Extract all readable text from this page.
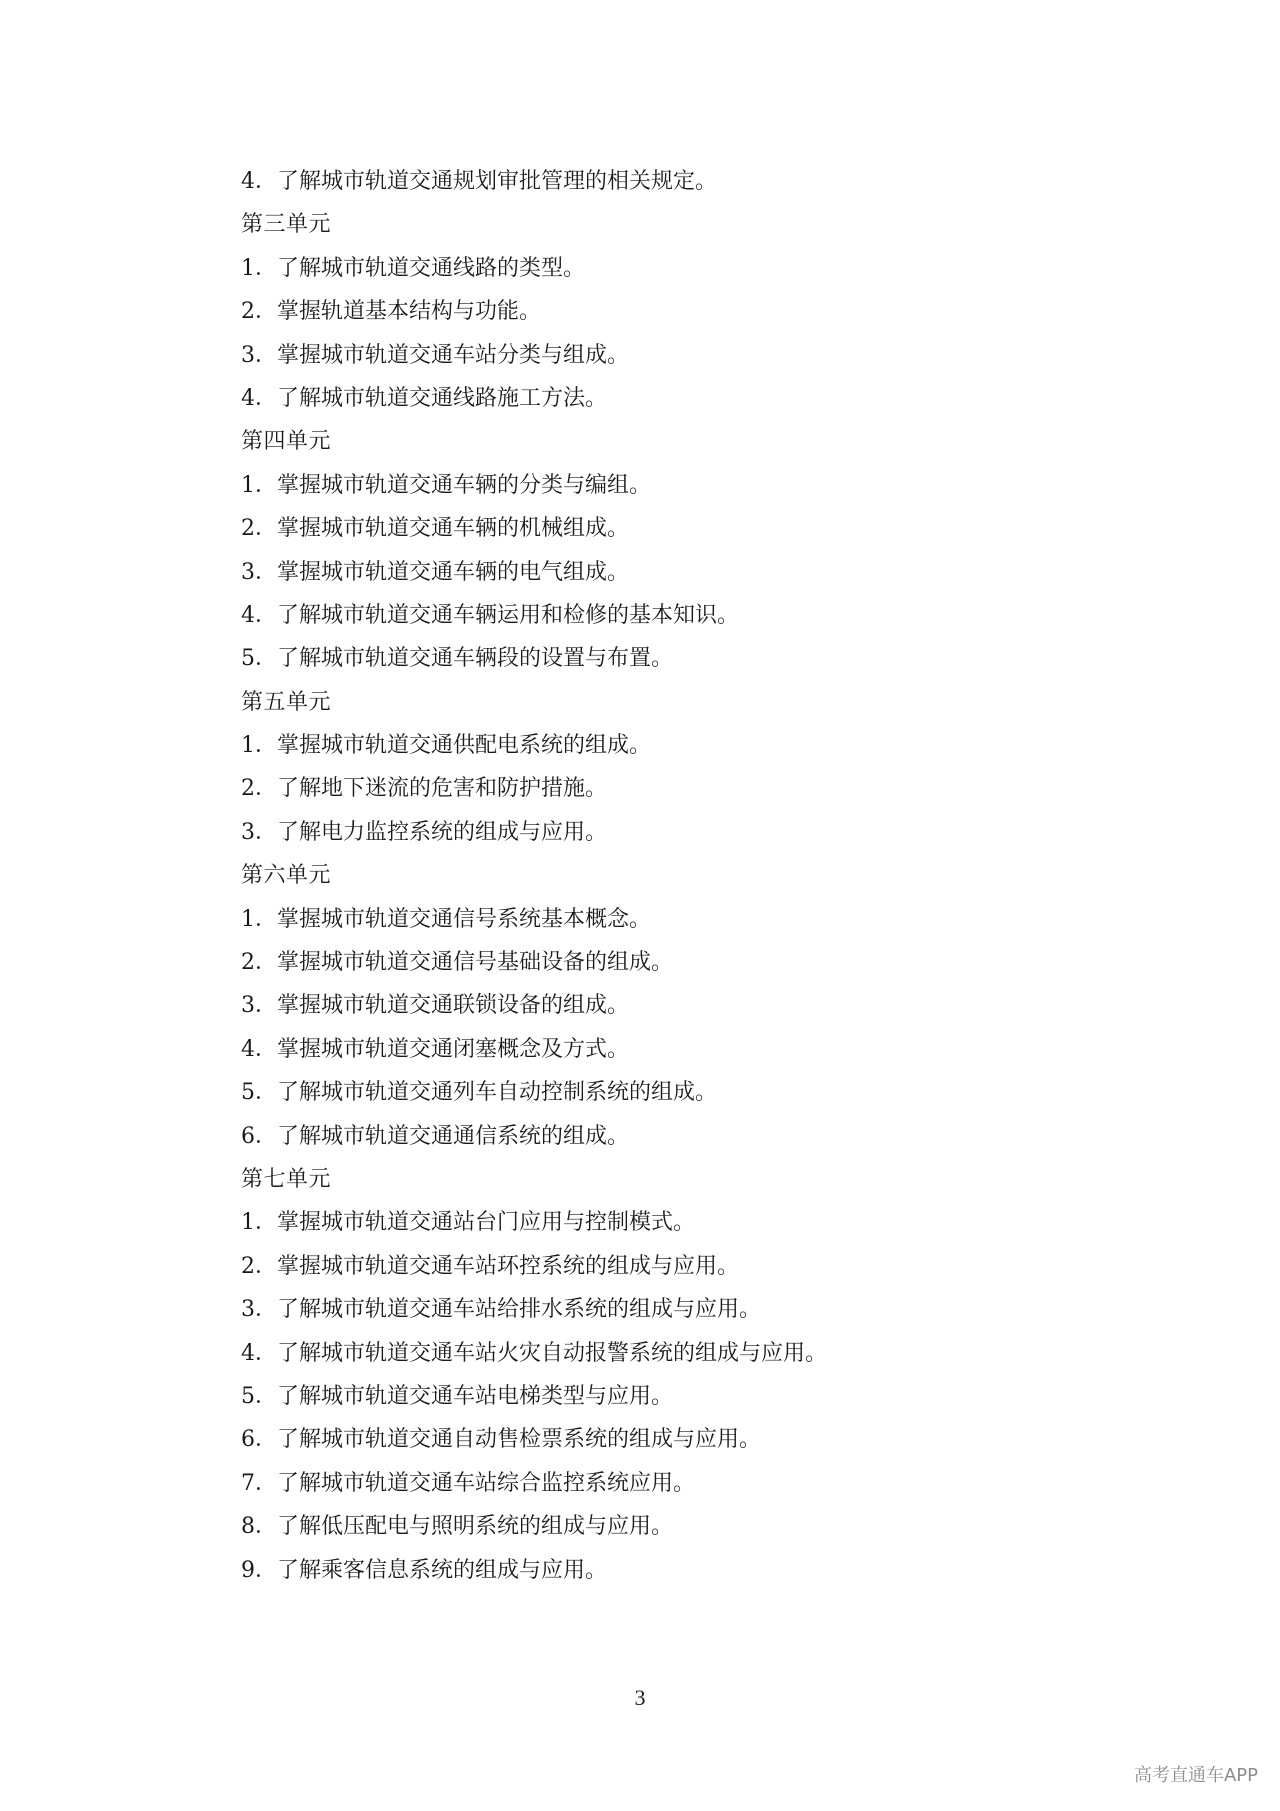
4．了解城市轨道交通规划审批管理的相关规定。
第三单元
1．了解城市轨道交通线路的类型。
2．掌握轨道基本结构与功能。
3．掌握城市轨道交通车站分类与组成。
4．了解城市轨道交通线路施工方法。
第四单元
1．掌握城市轨道交通车辆的分类与编组。
2．掌握城市轨道交通车辆的机械组成。
3．掌握城市轨道交通车辆的电气组成。
4．了解城市轨道交通车辆运用和检修的基本知识。
5．了解城市轨道交通车辆段的设置与布置。
第五单元
1．掌握城市轨道交通供配电系统的组成。
2．了解地下迷流的危害和防护措施。
3．了解电力监控系统的组成与应用。
第六单元
1．掌握城市轨道交通信号系统基本概念。
2．掌握城市轨道交通信号基础设备的组成。
3．掌握城市轨道交通联锁设备的组成。
4．掌握城市轨道交通闭塞概念及方式。
5．了解城市轨道交通列车自动控制系统的组成。
6．了解城市轨道交通通信系统的组成。
第七单元
1．掌握城市轨道交通站台门应用与控制模式。
2．掌握城市轨道交通车站环控系统的组成与应用。
3．了解城市轨道交通车站给排水系统的组成与应用。
4．了解城市轨道交通车站火灾自动报警系统的组成与应用。
5．了解城市轨道交通车站电梯类型与应用。
6．了解城市轨道交通自动售检票系统的组成与应用。
7．了解城市轨道交通车站综合监控系统应用。
8．了解低压配电与照明系统的组成与应用。
9．了解乘客信息系统的组成与应用。
3
高考直通车APP
